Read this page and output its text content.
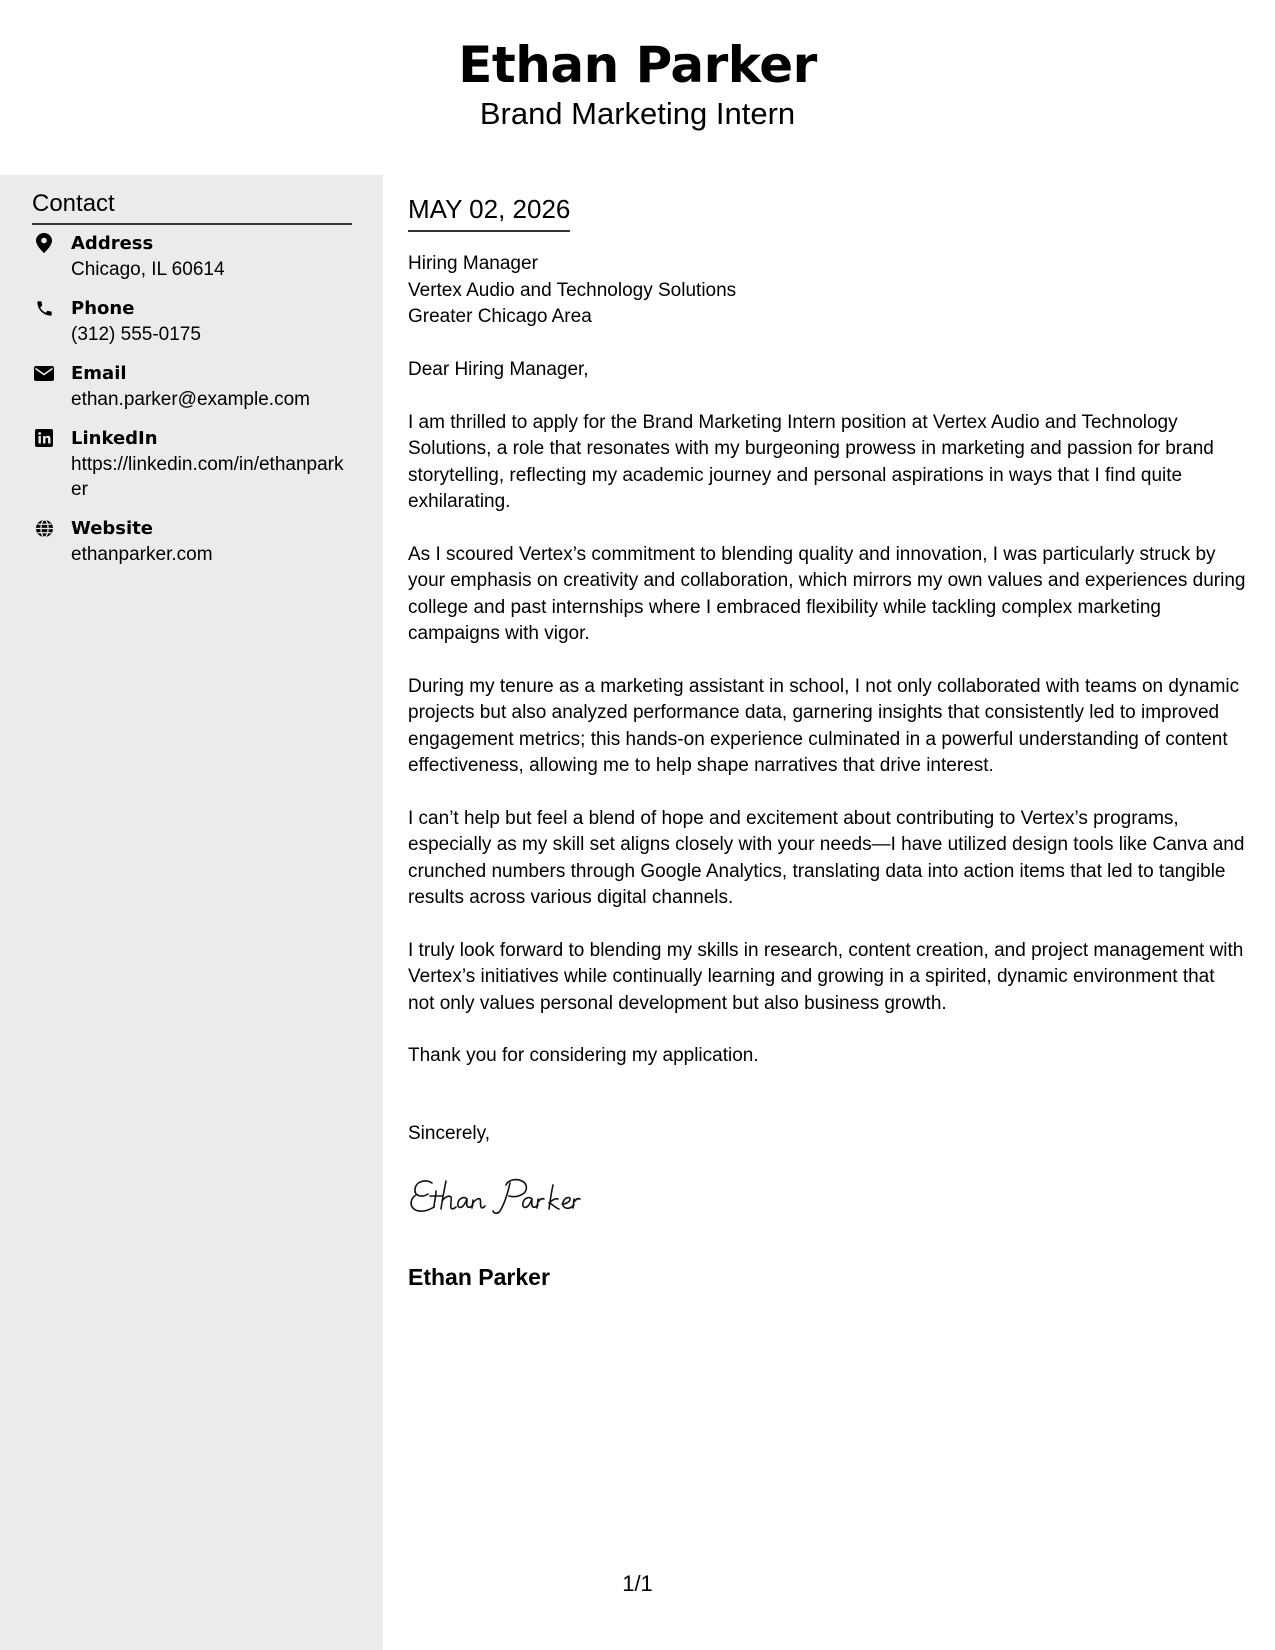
Ethan Parker
Brand Marketing Intern
Contact
Address
Chicago, IL 60614
Phone
(312) 555-0175
Email
ethan.parker@example.com
LinkedIn
https://linkedin.com/in/ethanparker
Website
ethanparker.com
MAY 02, 2026
Hiring Manager
Vertex Audio and Technology Solutions
Greater Chicago Area
Dear Hiring Manager,

I am thrilled to apply for the Brand Marketing Intern position at Vertex Audio and Technology Solutions, a role that resonates with my burgeoning prowess in marketing and passion for brand storytelling, reflecting my academic journey and personal aspirations in ways that I find quite exhilarating.

As I scoured Vertex’s commitment to blending quality and innovation, I was particularly struck by your emphasis on creativity and collaboration, which mirrors my own values and experiences during college and past internships where I embraced flexibility while tackling complex marketing campaigns with vigor.

During my tenure as a marketing assistant in school, I not only collaborated with teams on dynamic projects but also analyzed performance data, garnering insights that consistently led to improved engagement metrics; this hands-on experience culminated in a powerful understanding of content effectiveness, allowing me to help shape narratives that drive interest.

I can’t help but feel a blend of hope and excitement about contributing to Vertex’s programs, especially as my skill set aligns closely with your needs—I have utilized design tools like Canva and crunched numbers through Google Analytics, translating data into action items that led to tangible results across various digital channels.

I truly look forward to blending my skills in research, content creation, and project management with Vertex’s initiatives while continually learning and growing in a spirited, dynamic environment that not only values personal development but also business growth.

Thank you for considering my application.

Sincerely,
Ethan Parker
1/1
